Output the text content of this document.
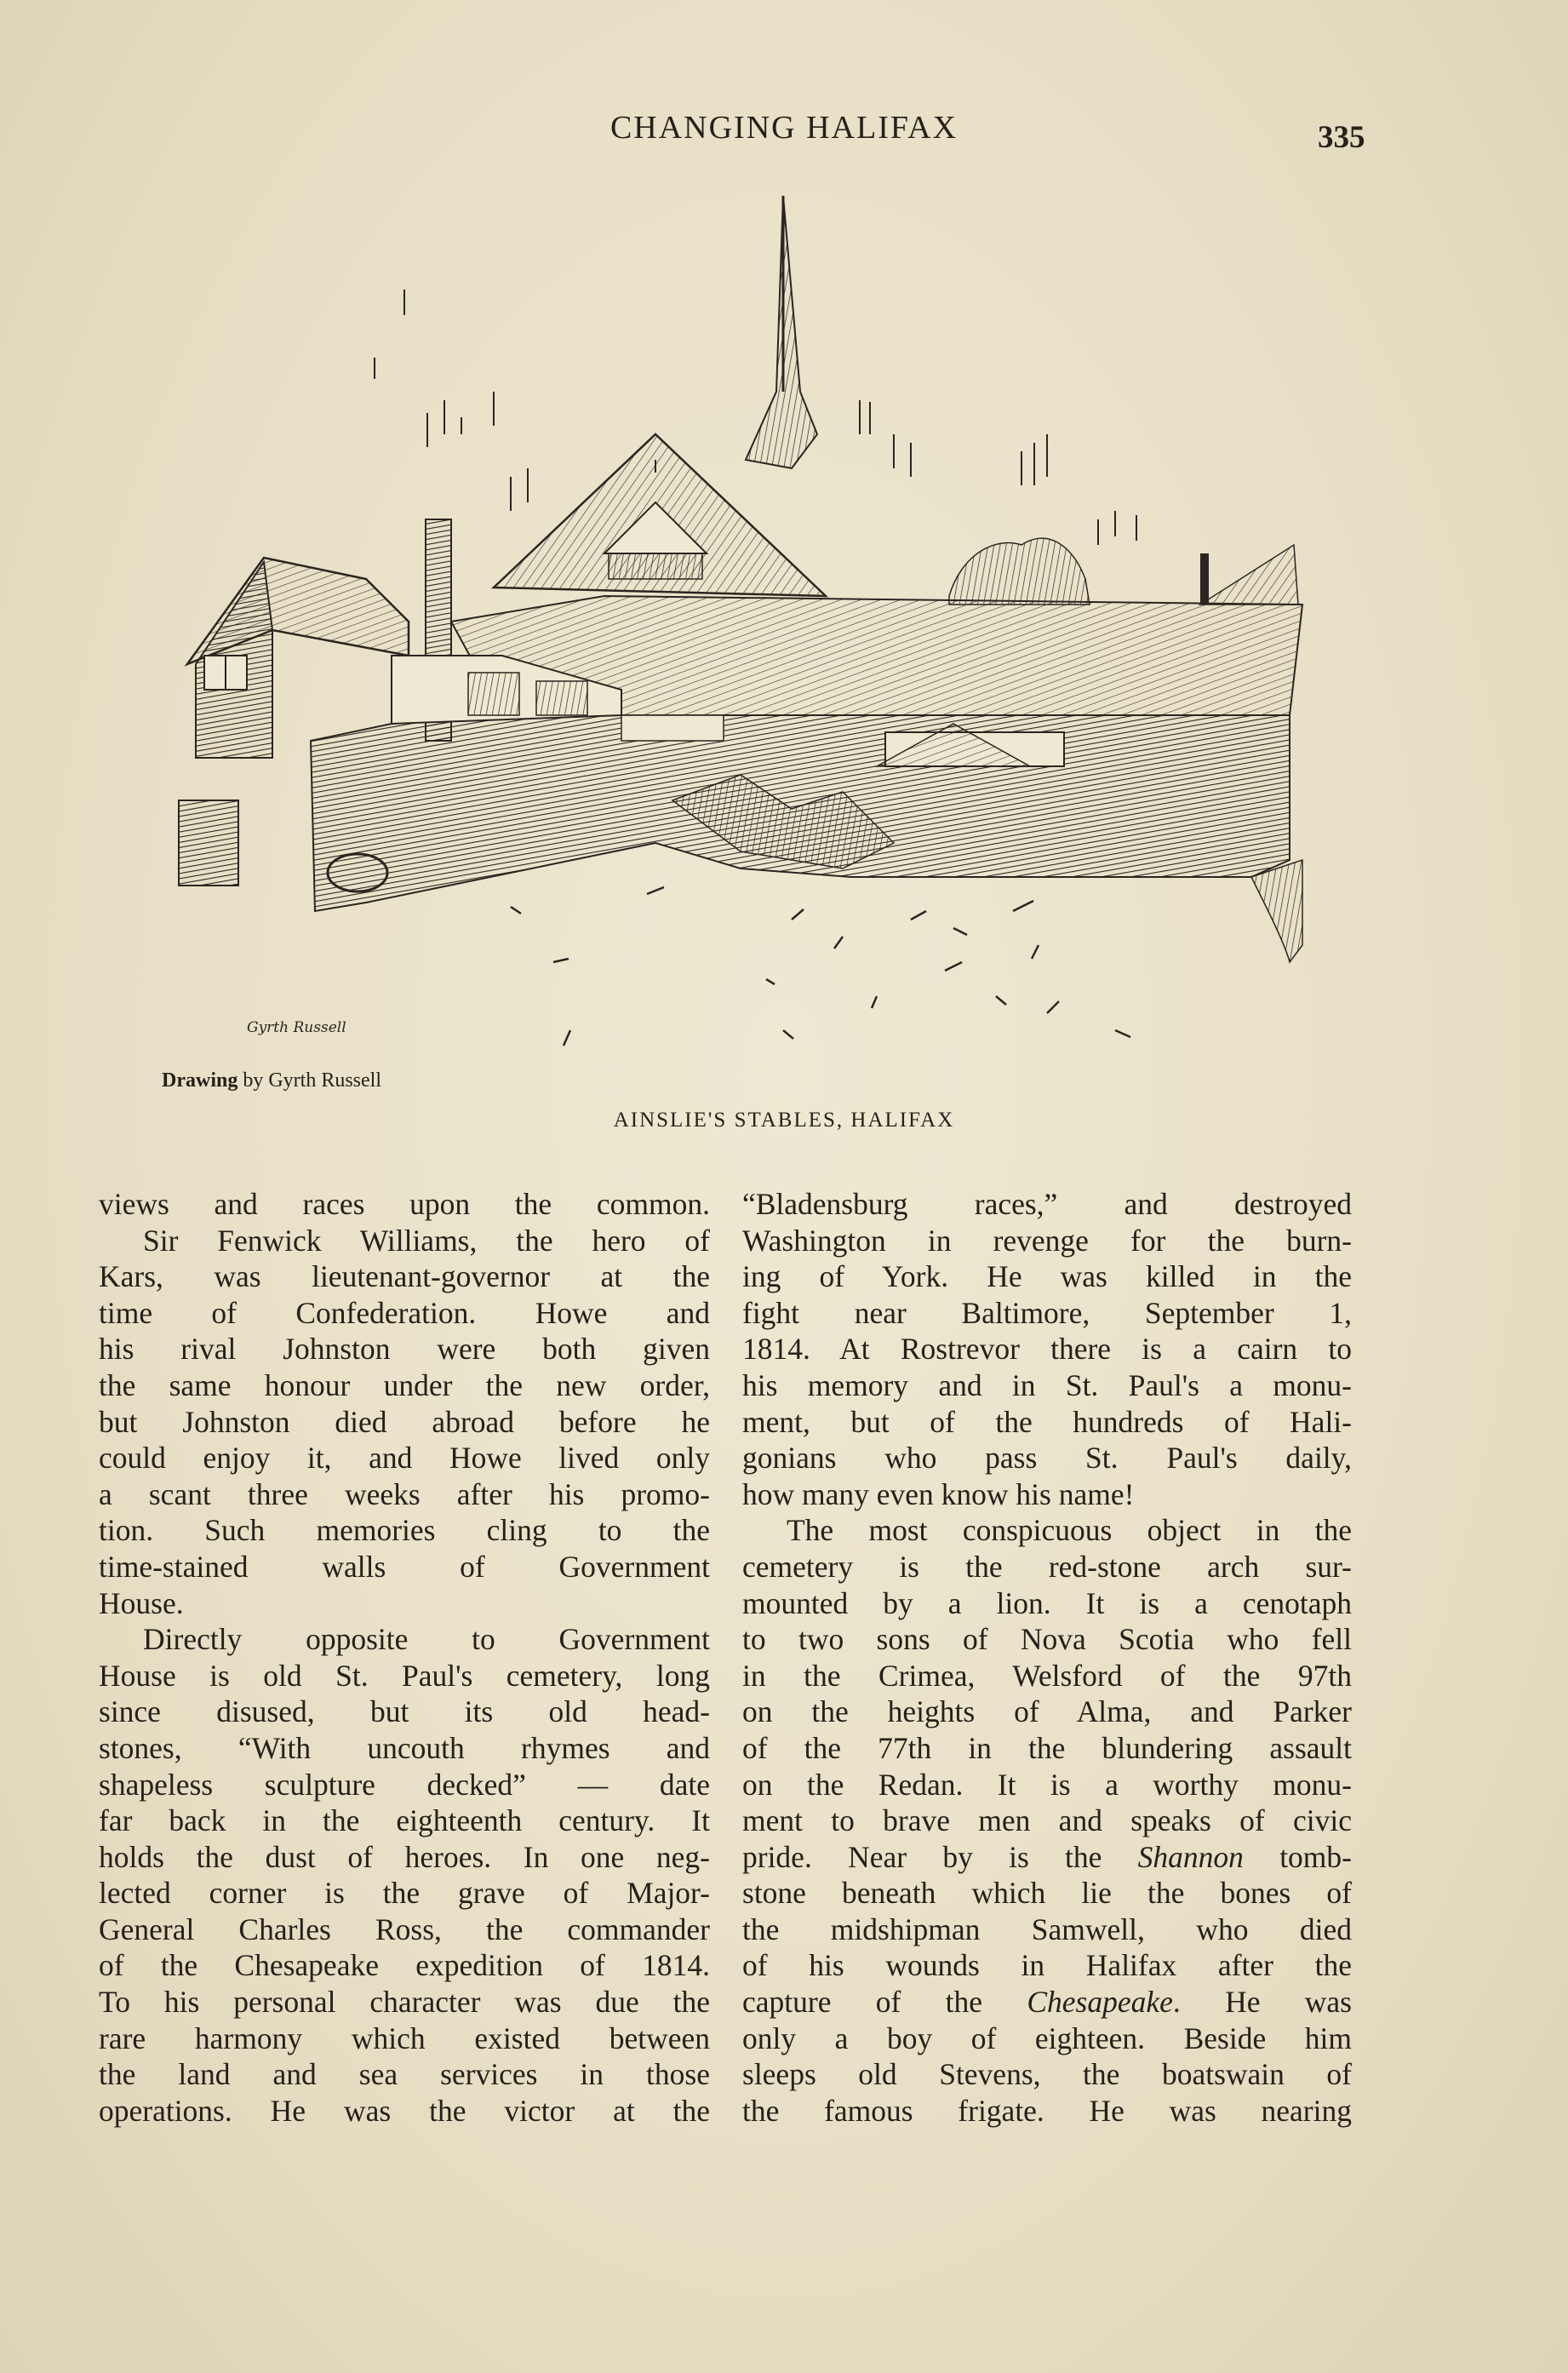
CHANGING HALIFAX	335
Gyrth Russell
Drawing by Gyrth Russell
AINSLIE'S STABLES, HALIFAX
views and races upon the common.
Sir Fenwick Williams, the hero of
Kars, was lieutenant-governor at the
time of Confederation. Howe and
his rival Johnston were both given
the same honour under the new order,
but Johnston died abroad before he
could enjoy it, and Howe lived only
a scant three weeks after his promo-
tion. Such memories cling to the
time-stained walls of Government
House.
Directly opposite to Government
House is old St. Paul's cemetery, long
since disused, but its old head-
stones, “With uncouth rhymes and
shapeless sculpture decked” — date
far back in the eighteenth century. It
holds the dust of heroes. In one neg-
lected corner is the grave of Major-
General Charles Ross, the commander
of the Chesapeake expedition of 1814.
To his personal character was due the
rare harmony which existed between
the land and sea services in those
operations. He was the victor at the
“Bladensburg races,” and destroyed
Washington in revenge for the burn-
ing of York. He was killed in the
fight near Baltimore, September 1,
1814. At Rostrevor there is a cairn to
his memory and in St. Paul's a monu-
ment, but of the hundreds of Hali-
gonians who pass St. Paul's daily,
how many even know his name!
The most conspicuous object in the
cemetery is the red-stone arch sur-
mounted by a lion. It is a cenotaph
to two sons of Nova Scotia who fell
in the Crimea, Welsford of the 97th
on the heights of Alma, and Parker
of the 77th in the blundering assault
on the Redan. It is a worthy monu-
ment to brave men and speaks of civic
pride. Near by is the Shannon tomb-
stone beneath which lie the bones of
the midshipman Samwell, who died
of his wounds in Halifax after the
capture of the Chesapeake. He was
only a boy of eighteen. Beside him
sleeps old Stevens, the boatswain of
the famous frigate. He was nearing
